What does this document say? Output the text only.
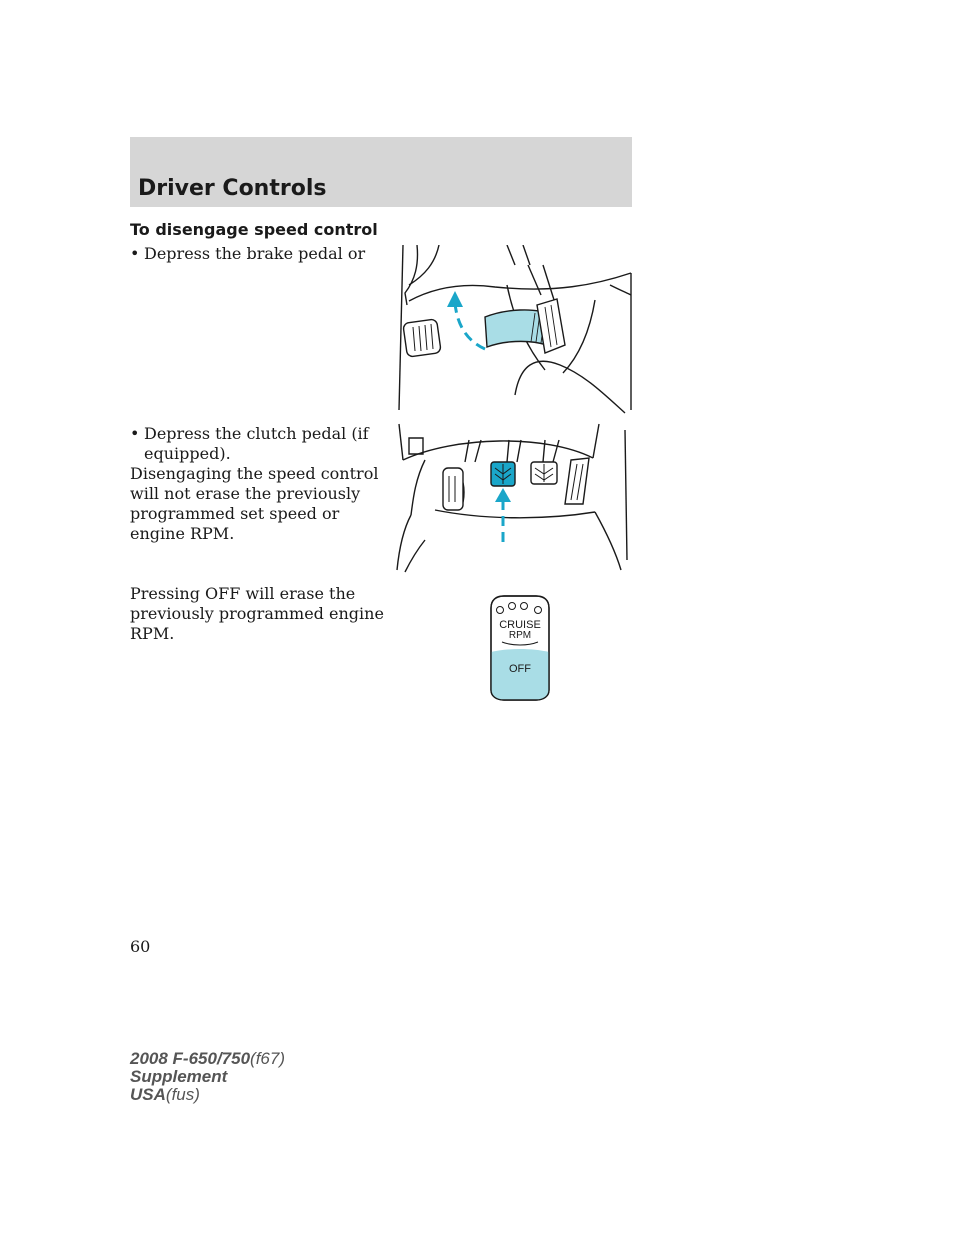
Driver Controls
To disengage speed control
• Depress the brake pedal or
• Depress the clutch pedal (if equipped).

Disengaging the speed control will not erase the previously programmed set speed or engine RPM.

Pressing OFF will erase the previously programmed engine RPM.	CRUISE
RPM
OFF
60
2008 F-650/750(f67)
Supplement
USA(fus)
